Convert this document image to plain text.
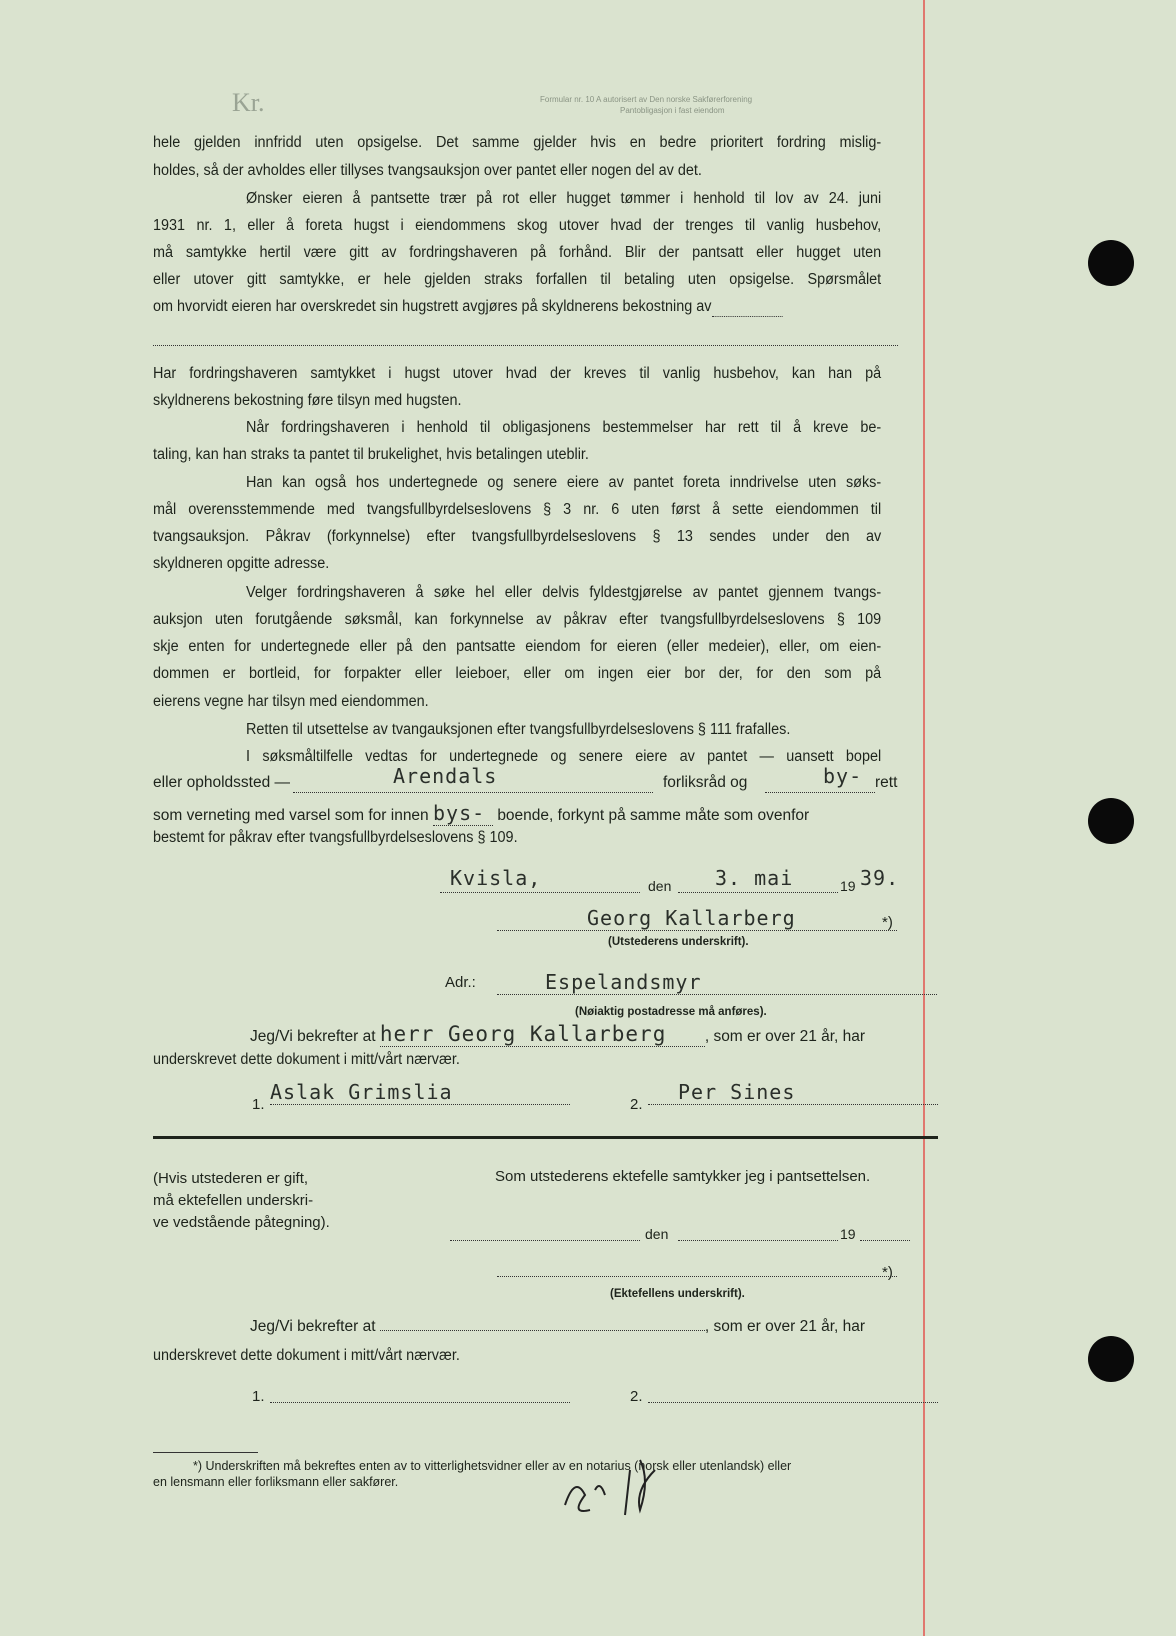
Formular nr. 10 A autorisert av Den norske Sakførerforening
Pantobligasjon i fast eiendom
Kr.
hele gjelden innfridd uten opsigelse. Det samme gjelder hvis en bedre prioritert fordring mislig-
holdes, så der avholdes eller tillyses tvangsauksjon over pantet eller nogen del av det.
Ønsker eieren å pantsette trær på rot eller hugget tømmer i henhold til lov av 24. juni
1931 nr. 1, eller å foreta hugst i eiendommens skog utover hvad der trenges til vanlig husbehov,
må samtykke hertil være gitt av fordringshaveren på forhånd. Blir der pantsatt eller hugget uten
eller utover gitt samtykke, er hele gjelden straks forfallen til betaling uten opsigelse. Spørsmålet
om hvorvidt eieren har overskredet sin hugstrett avgjøres på skyldnerens bekostning av
Har fordringshaveren samtykket i hugst utover hvad der kreves til vanlig husbehov, kan han på
skyldnerens bekostning føre tilsyn med hugsten.
Når fordringshaveren i henhold til obligasjonens bestemmelser har rett til å kreve be-
taling, kan han straks ta pantet til brukelighet, hvis betalingen uteblir.
Han kan også hos undertegnede og senere eiere av pantet foreta inndrivelse uten søks-
mål overensstemmende med tvangsfullbyrdelseslovens § 3 nr. 6 uten først å sette eiendommen til
tvangsauksjon. Påkrav (forkynnelse) efter tvangsfullbyrdelseslovens § 13 sendes under den av
skyldneren opgitte adresse.
Velger fordringshaveren å søke hel eller delvis fyldestgjørelse av pantet gjennem tvangs-
auksjon uten forutgående søksmål, kan forkynnelse av påkrav efter tvangsfullbyrdelseslovens § 109
skje enten for undertegnede eller på den pantsatte eiendom for eieren (eller medeier), eller, om eien-
dommen er bortleid, for forpakter eller leieboer, eller om ingen eier bor der, for den som på
eierens vegne har tilsyn med eiendommen.
Retten til utsettelse av tvangauksjonen efter tvangsfullbyrdelseslovens § 111 frafalles.
I søksmåltilfelle vedtas for undertegnede og senere eiere av pantet — uansett bopel
eller opholdssted —	Arendals	forliksråd og	by- rett
som verneting med varsel som for innen bys- boende, forkynt på samme måte som ovenfor
bestemt for påkrav efter tvangsfullbyrdelseslovens § 109.
Kvisla,	den 3. mai	19 39.
Georg Kallarberg	*)
(Utstederens underskrift).
Adr.:	Espelandsmyr
(Nøiaktig postadresse må anføres).
Jeg/Vi bekrefter at herr Georg Kallarberg , som er over 21 år, har
underskrevet dette dokument i mitt/vårt nærvær.
1.
Aslak Grimslia
2.
Per Sines
(Hvis utstederen er gift,
må ektefellen underskri-
ve vedstående påtegning).
Som utstederens ektefelle samtykker jeg i pantsettelsen.
den	19
*)
(Ektefellens underskrift).
Jeg/Vi bekrefter at	, som er over 21 år, har
underskrevet dette dokument i mitt/vårt nærvær.
1.	2.
*) Underskriften må bekreftes enten av to vitterlighetsvidner eller av en notarius (norsk eller utenlandsk) eller
en lensmann eller forliksmann eller sakfører.
